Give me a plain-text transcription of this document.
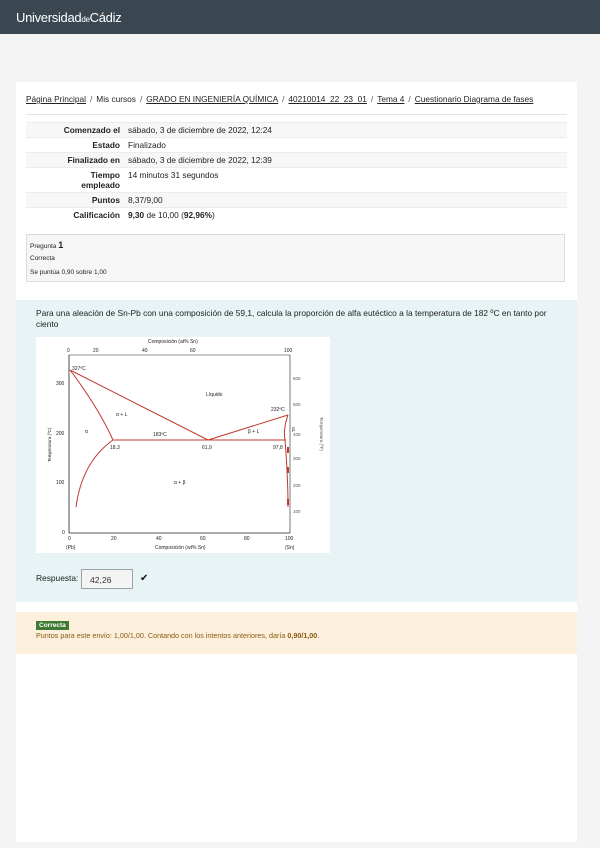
UniversidaddeCádiz
Página Principal / Mis cursos / GRADO EN INGENIERÍA QUÍMICA / 40210014_22_23_01 / Tema 4 / Cuestionario Diagrama de fases
Comenzado el	sábado, 3 de diciembre de 2022, 12:24
Estado	Finalizado
Finalizado en	sábado, 3 de diciembre de 2022, 12:39
Tiempo
empleado	14 minutos 31 segundos
Puntos	8,37/9,00
Calificación	9,30 de 10,00 (92,96%)
Pregunta 1
Correcta
Se puntúa 0,90 sobre 1,00
Para una aleación de Sn-Pb con una composición de 59,1, calcula la proporción de alfa eutéctico a la temperatura de 182 ºC en tanto por ciento
0	20	40	60	100
Composición (at% Sn)
300
200
100
0
Temperatura (ºC)
600
500
400
300
200
100
Temperatura (ºF)
0	20	40	60	80	100
(Pb)	Composición (wt% Sn)	(Sn)
Líquido
α + L
β + L
α	β
α + β
183ºC
232ºC
327ºC
18,3	61,9	97,8
Respuesta:	42,26	✔
Correcta
Puntos para este envío: 1,00/1,00. Contando con los intentos anteriores, daría 0,90/1,00.
